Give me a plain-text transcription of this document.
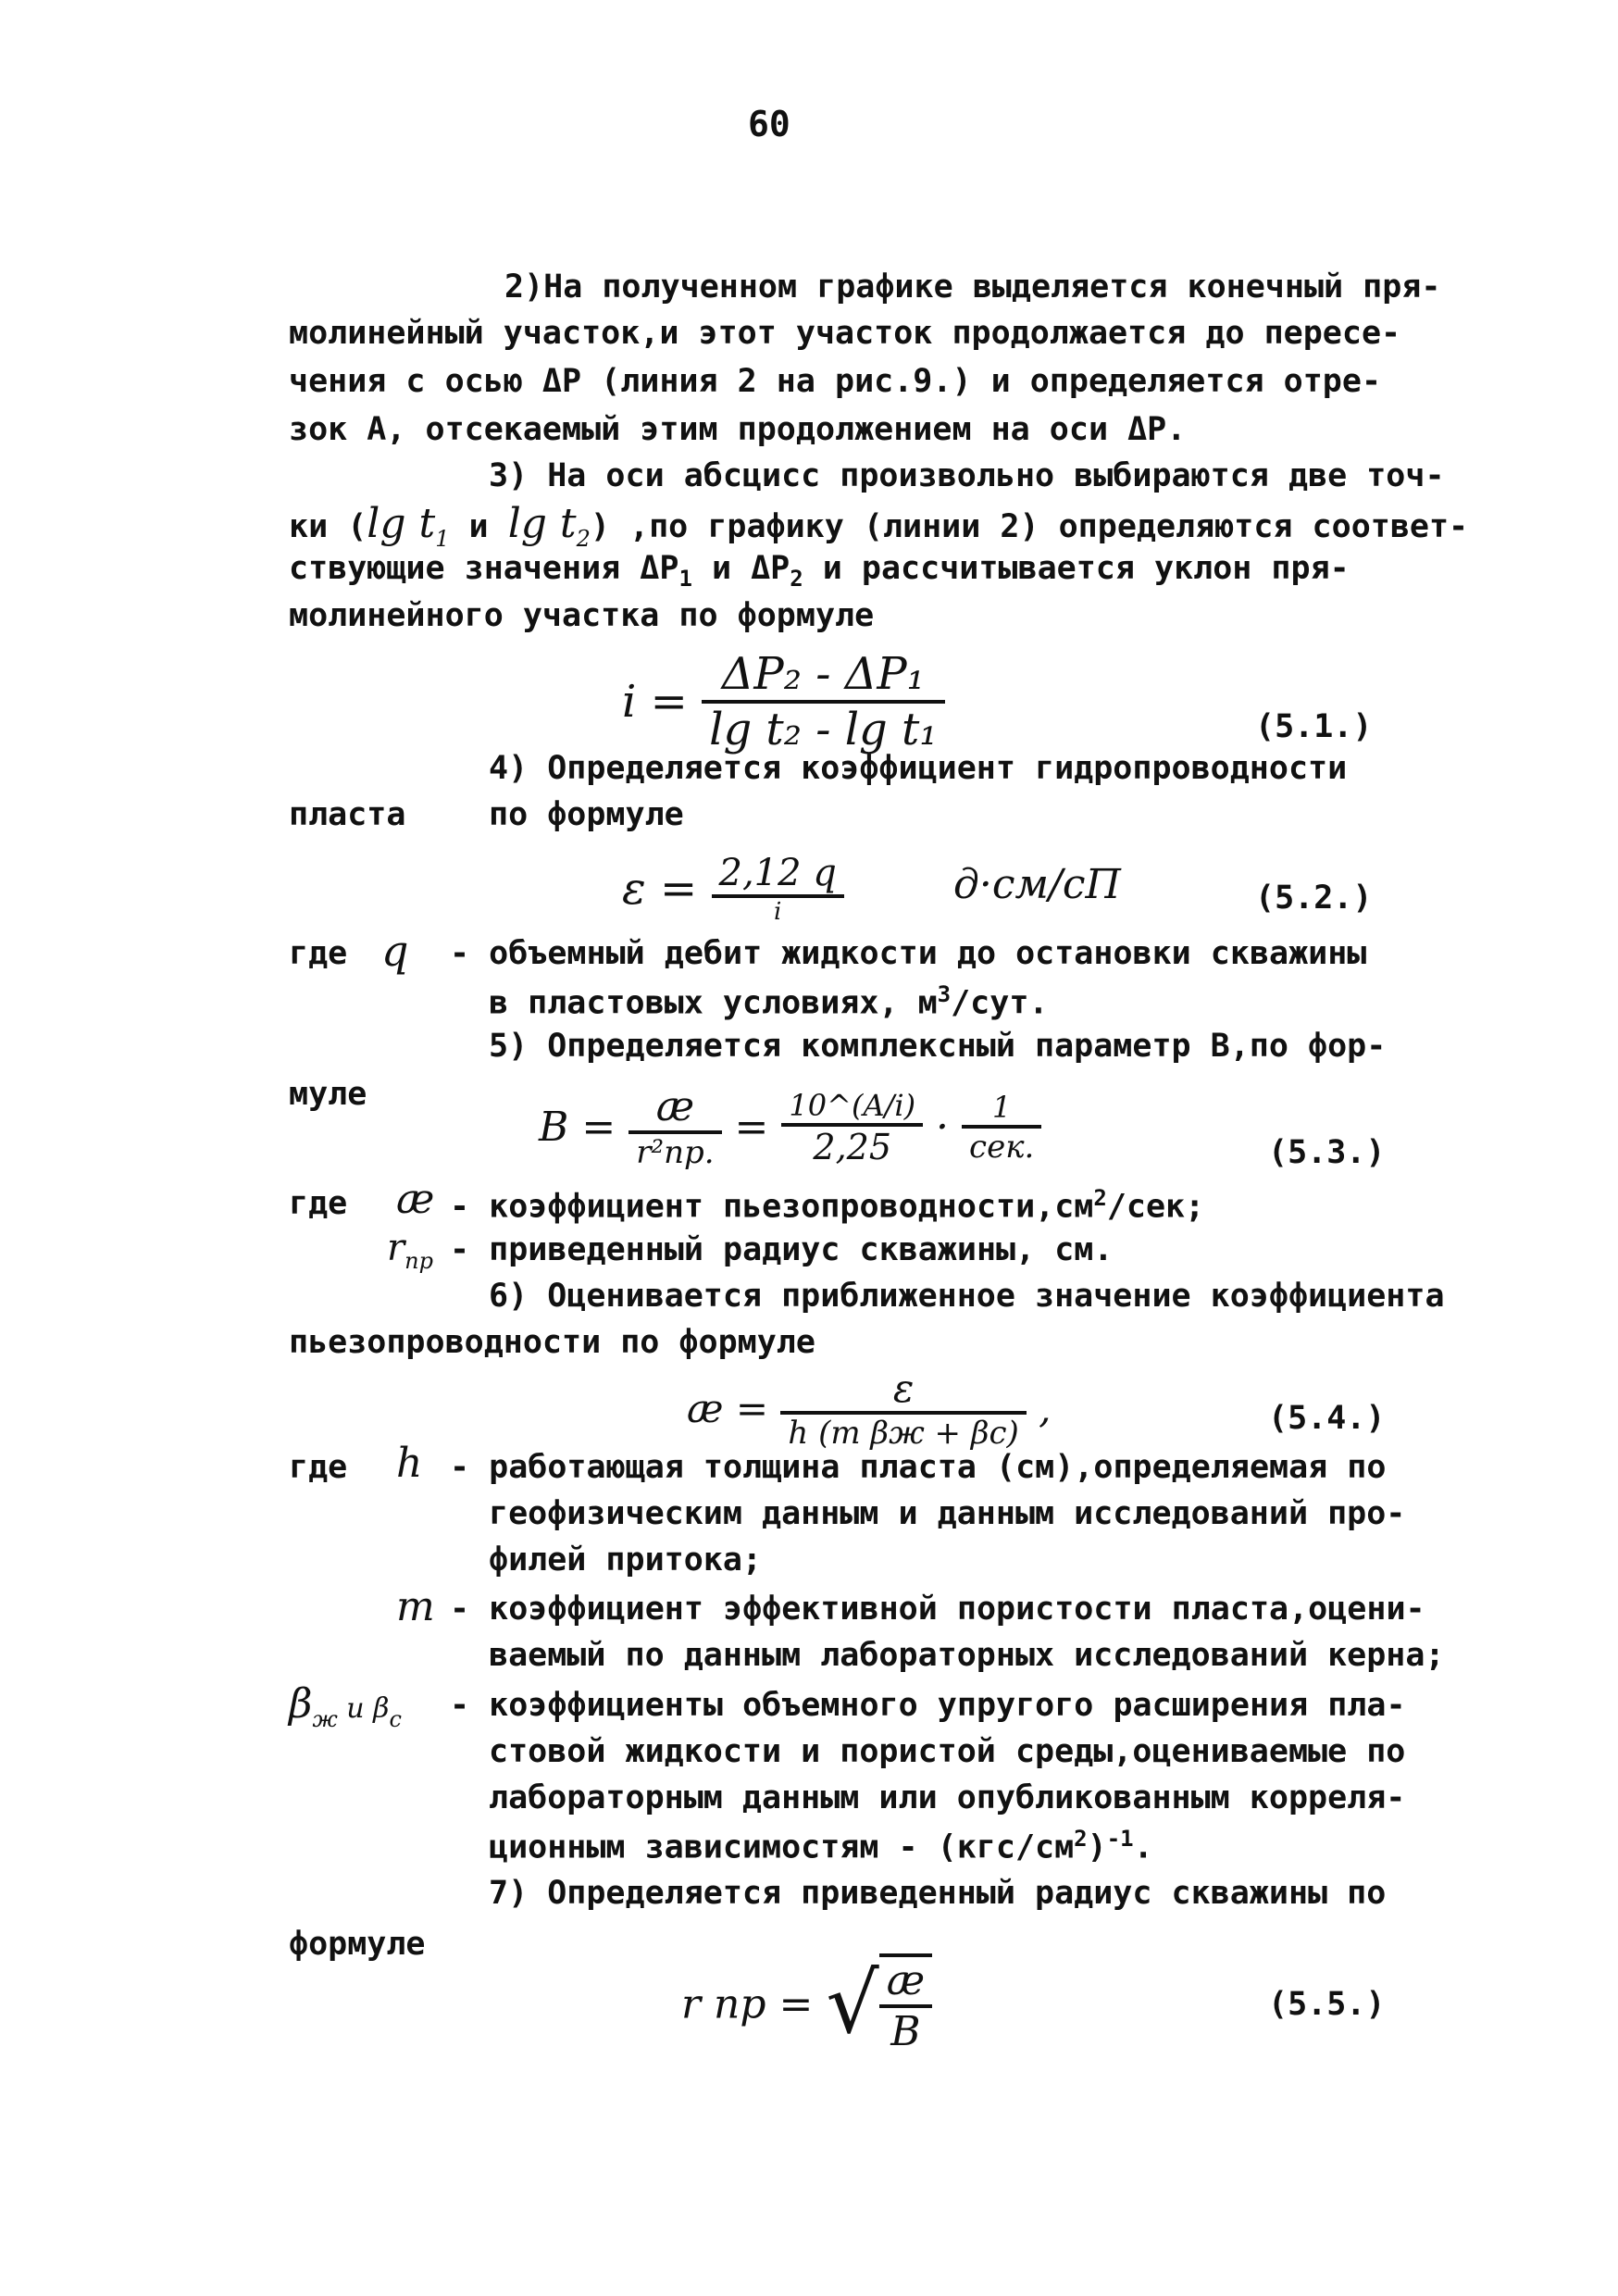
60
2)На полученном графике выделяется конечный пря-
молинейный участок,и этот участок продолжается до пересе-
чения с осью ΔP (линия 2 на рис.9.) и определяется отре-
зок A, отсекаемый этим продолжением на оси ΔP.
3) На оси абсцисс произвольно выбираются две точ-
ки (lg $t_1$ и $\lg t_2$) ,по графику (линии 2) определяются соответ-
ствующие значения $\Delta P_1$ и $\Delta P_2$ и рассчитывается уклон пря-
молинейного участка по формуле
$i = \frac{\text{ΔP₂ - ΔP₁}}{\text{lg t₂ - lg t₁}}$	(5.1.)
4) Определяется коэффициент гидропроводности
пласта	по формуле
$\varepsilon = \frac{2,12 q}{i}$	д·см/сП	(5.2.)
где q - объемный дебит жидкости до остановки скважины
в пластовых условиях, $м^3$/сут.
5) Определяется комплексный параметр B,по фор-
муле
$B = \frac{æ}{\text{r²пр.}} = \frac{10\^{}(A/i)}{2,25} \cdot \frac{1}{\text{сек.}}$	(5.3.)
где æ - коэффициент $пьезопроводности,см^2$/сек;
$r_{пр}$ - приведенный радиус скважины, см.
6) Оценивается приближенное значение коэффициента
пьезопроводности по формуле
æ = $\frac{\varepsilon}{\text{h (m βж + βс)}}$ ,	(5.4.)
где h - работающая толщина пласта (см),определяемая по
геофизическим данным и данным исследований про-
филей притока;
m - коэффициент эффективной пористости пласта,оцени-
ваемый по данным лабораторных исследований керна;
$\beta_ж$ и $\beta_с$ - коэффициенты объемного упругого расширения пла-
стовой жидкости и пористой среды,оцениваемые по
лабораторным данным или опубликованным корреля-
ционным зависимостям - $(кгс/см^2)^{-1}$.
7) Определяется приведенный радиус скважины по
формуле
r пр = √ $\frac{æ}{B}$	(5.5.)
